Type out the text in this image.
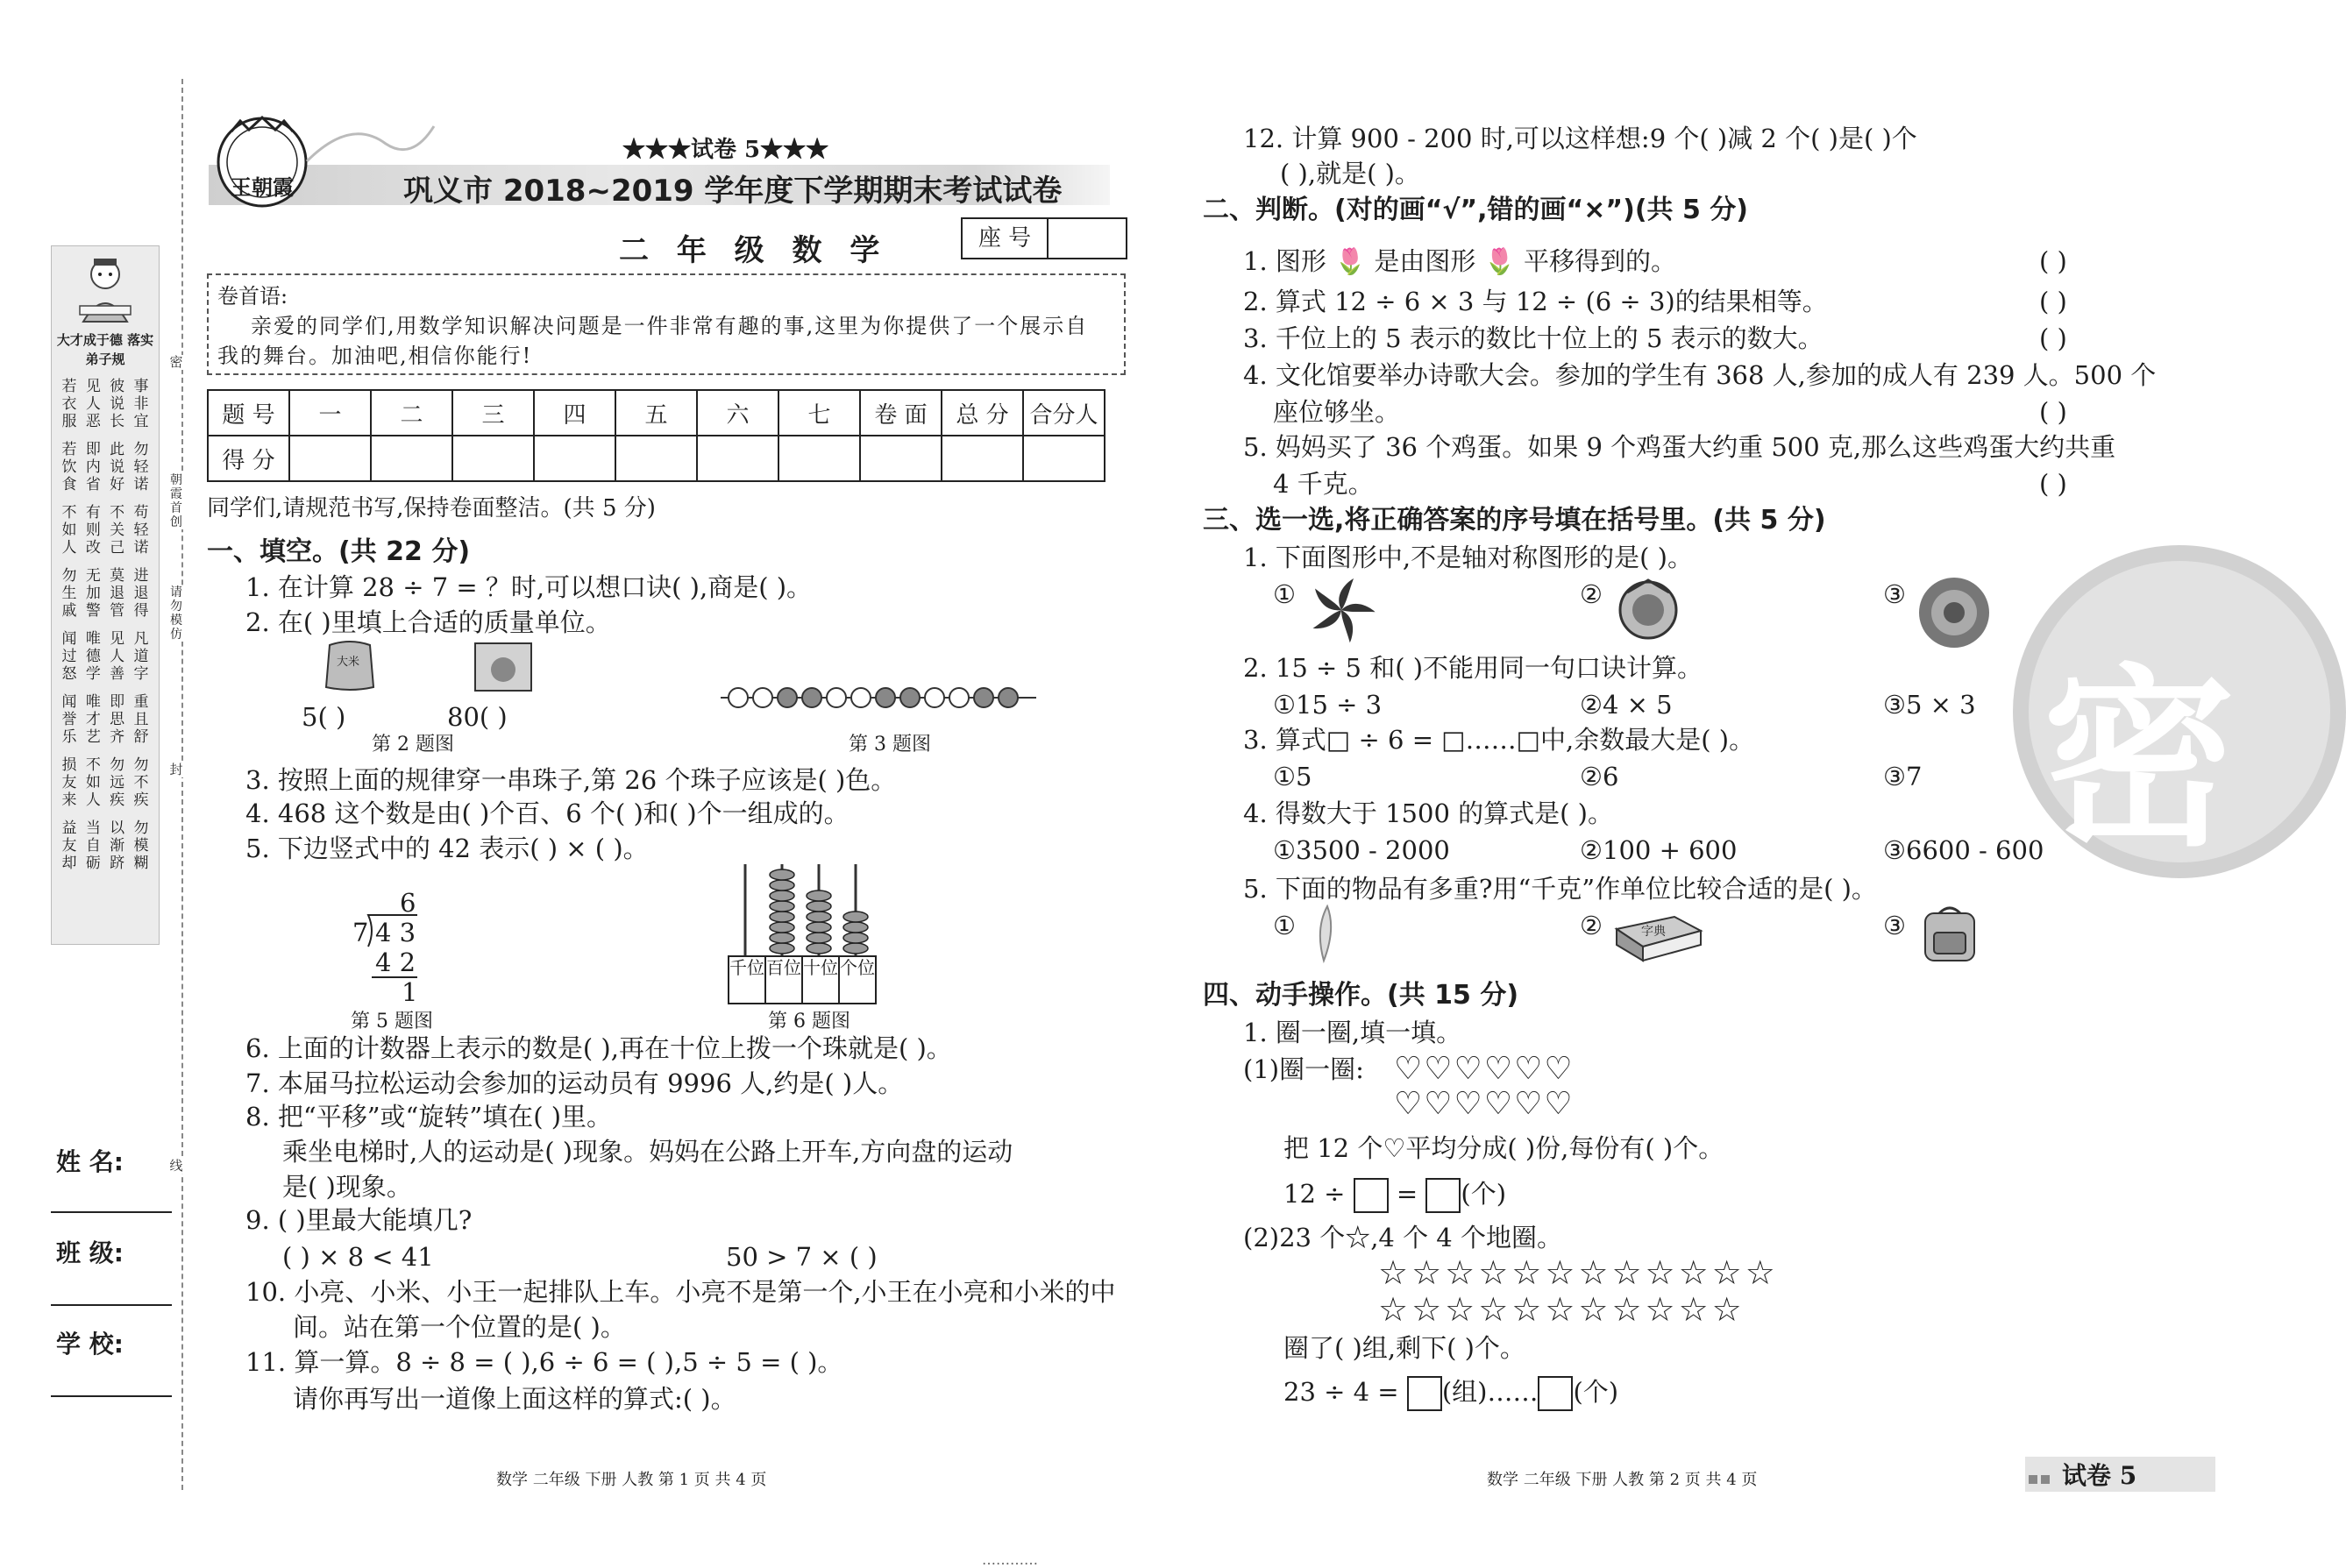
密
封
线
朝霞首创
请勿模仿
大才成于德 落实弟子规
若衣服
见人恶
彼说长
事非宜
若饮食
即内省
此说好
勿轻诺
不如人
有则改
不关己
苟轻诺
勿生戚
无加警
莫退管
进退得
闻过怒
唯德学
见人善
凡道字
闻誉乐
唯才艺
即思齐
重且舒
损友来
不如人
勿远疾
勿不疾
益友却
当自砺
以渐跻
勿模糊
姓 名:
班 级:
学 校:
王朝霞
★★★试卷 5★★★
巩义市 2018~2019 学年度下学期期末考试试卷
二 年 级 数 学	座 号
卷首语:
亲爱的同学们,用数学知识解决问题是一件非常有趣的事,这里为你提供了一个展示自
我的舞台。加油吧,相信你能行!
题 号	一	二	三	四	五	六	七	卷 面	总 分	合分人
得 分										
同学们,请规范书写,保持卷面整洁。(共 5 分)
一、填空。(共 22 分)
1. 在计算 28 ÷ 7 = ？时,可以想口诀( ),商是( )。
2. 在( )里填上合适的质量单位。
大米
5( )	80( )
第 2 题图	第 3 题图
3. 按照上面的规律穿一串珠子,第 26 个珠子应该是( )色。
4. 468 这个数是由( )个百、6 个( )和( )个一组成的。
5. 下边竖式中的 42 表示( ) × ( )。
6
7 4 3
4 2
1
千位 百位 十位 个位
第 5 题图	第 6 题图
6. 上面的计数器上表示的数是( ),再在十位上拨一个珠就是( )。
7. 本届马拉松运动会参加的运动员有 9996 人,约是( )人。
8. 把“平移”或“旋转”填在( )里。
乘坐电梯时,人的运动是( )现象。妈妈在公路上开车,方向盘的运动
是( )现象。
9. ( )里最大能填几?
( ) × 8 < 41	50 > 7 × ( )
10. 小亮、小米、小王一起排队上车。小亮不是第一个,小王在小亮和小米的中
间。站在第一个位置的是( )。
11. 算一算。8 ÷ 8 = ( ),6 ÷ 6 = ( ),5 ÷ 5 = ( )。
请你再写出一道像上面这样的算式:( )。
数学 二年级 下册 人教 第 1 页 共 4 页
密
12. 计算 900 - 200 时,可以这样想:9 个( )减 2 个( )是( )个
( ),就是( )。
二、判断。(对的画“√”,错的画“×”)(共 5 分)
1. 图形 🌷 是由图形 🌷 平移得到的。	( )
2. 算式 12 ÷ 6 × 3 与 12 ÷ (6 ÷ 3)的结果相等。	( )
3. 千位上的 5 表示的数比十位上的 5 表示的数大。	( )
4. 文化馆要举办诗歌大会。参加的学生有 368 人,参加的成人有 239 人。500 个
座位够坐。	( )
5. 妈妈买了 36 个鸡蛋。如果 9 个鸡蛋大约重 500 克,那么这些鸡蛋大约共重
4 千克。	( )
三、选一选,将正确答案的序号填在括号里。(共 5 分)
1. 下面图形中,不是轴对称图形的是( )。
①	②	③
2. 15 ÷ 5 和( )不能用同一句口诀计算。
①15 ÷ 3	②4 × 5	③5 × 3
3. 算式□ ÷ 6 = □……□中,余数最大是( )。
①5	②6	③7
4. 得数大于 1500 的算式是( )。
①3500 - 2000	②100 + 600	③6600 - 600
5. 下面的物品有多重?用“千克”作单位比较合适的是( )。
①	②	字典	③
四、动手操作。(共 15 分)
1. 圈一圈,填一填。
(1)圈一圈: ♡♡♡♡♡♡
♡♡♡♡♡♡
把 12 个♡平均分成( )份,每份有( )个。
12 ÷ = (个)
(2)23 个☆,4 个 4 个地圈。
☆☆☆☆☆☆☆☆☆☆☆☆
☆☆☆☆☆☆☆☆☆☆☆
圈了( )组,剩下( )个。
23 ÷ 4 = (组)…… (个)
数学 二年级 下册 人教 第 2 页 共 4 页	试卷 5
…………
